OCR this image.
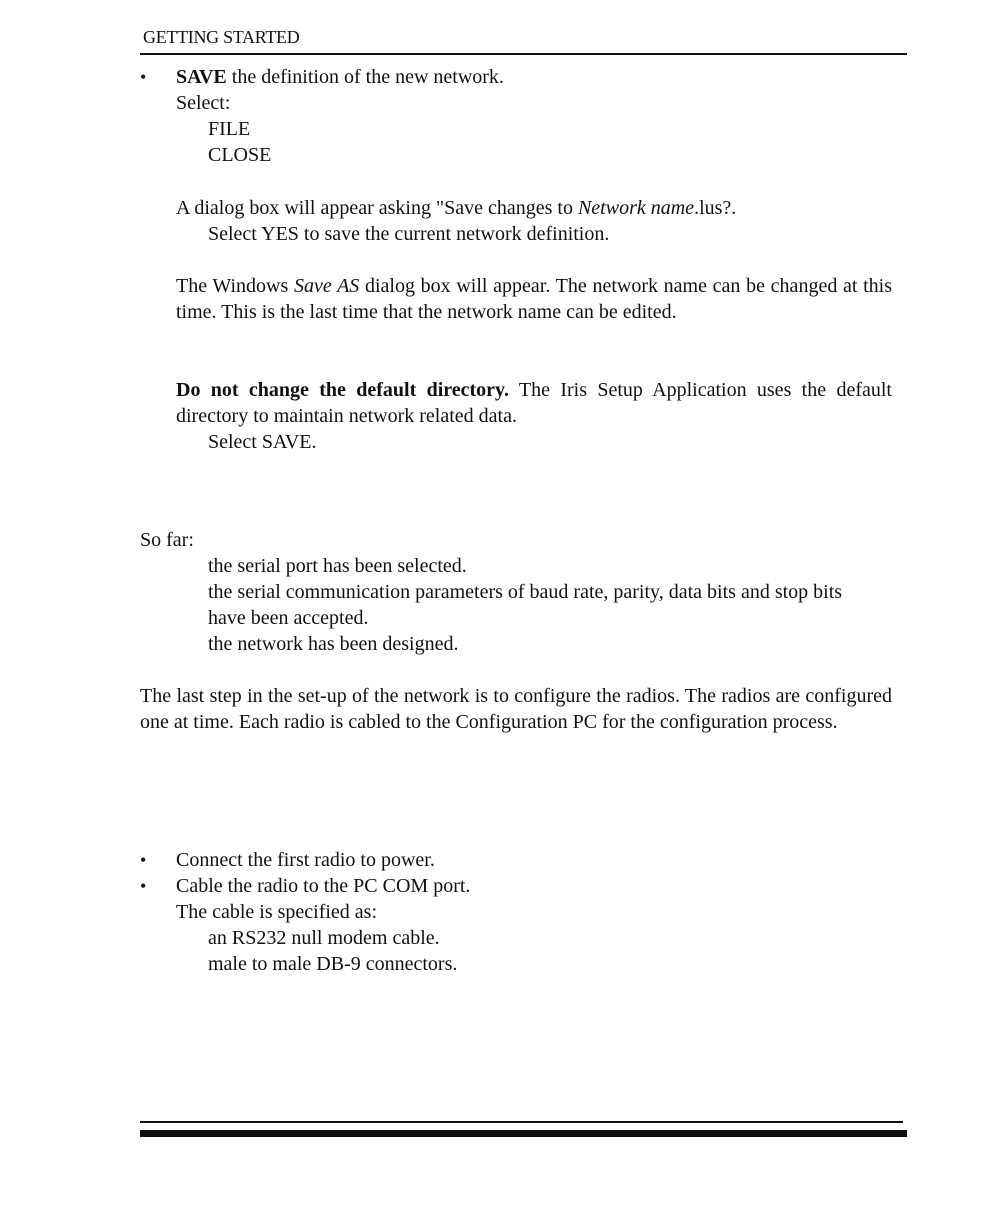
GETTING STARTED
• SAVE the definition of the new network.
Select:
FILE
CLOSE
A dialog box will appear asking "Save changes to Network name.lus?.
Select YES to save the current network definition.
The Windows Save AS dialog box will appear. The network name can be changed at this time. This is the last time that the network name can be edited.
Do not change the default directory. The Iris Setup Application uses the default directory to maintain network related data.
Select SAVE.
So far:
the serial port has been selected.
the serial communication parameters of baud rate, parity, data bits and stop bits have been accepted.
the network has been designed.
The last step in the set-up of the network is to configure the radios. The radios are configured one at time. Each radio is cabled to the Configuration PC for the configuration process.
• Connect the first radio to power.
• Cable the radio to the PC COM port.
The cable is specified as:
an RS232 null modem cable.
male to male DB-9 connectors.
